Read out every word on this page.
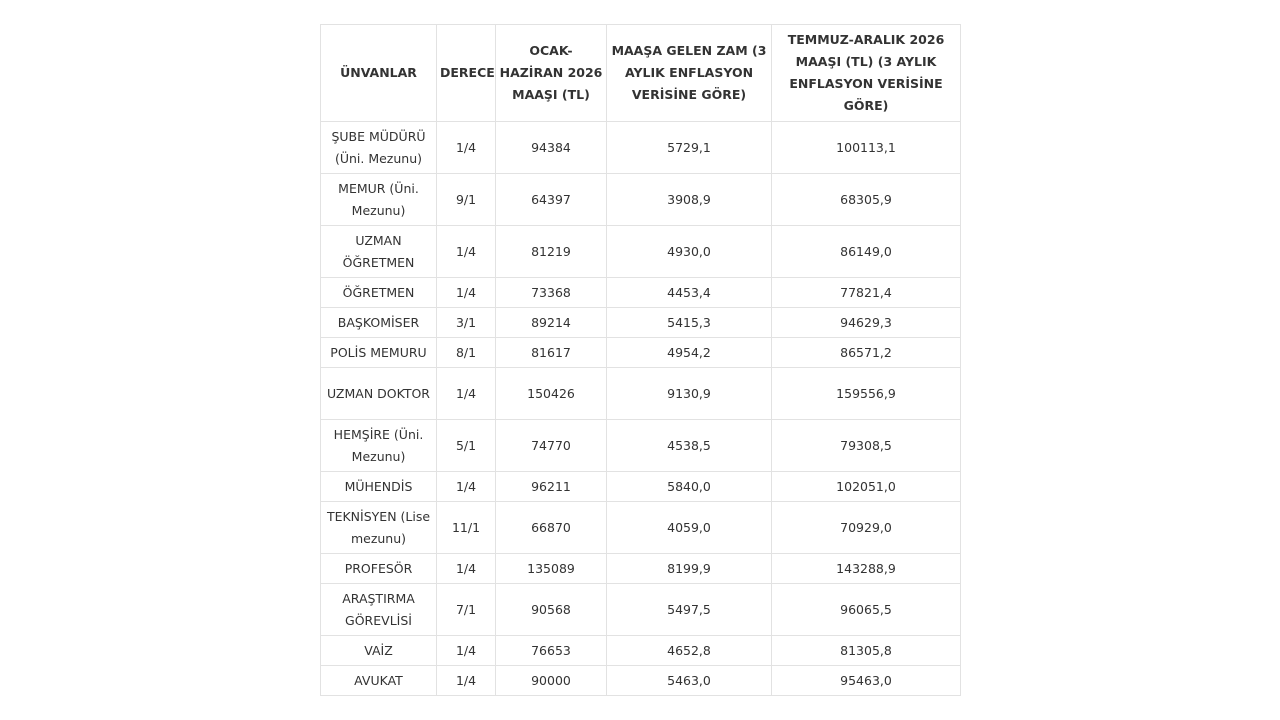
ÜNVANLAR	DERECE	OCAK-HAZİRAN 2026 MAAŞI (TL)	MAAŞA GELEN ZAM (3 AYLIK ENFLASYON VERİSİNE GÖRE)	TEMMUZ-ARALIK 2026 MAAŞI (TL) (3 AYLIK ENFLASYON VERİSİNE GÖRE)
ŞUBE MÜDÜRÜ (Üni. Mezunu)	1/4	94384	5729,1	100113,1
MEMUR (Üni. Mezunu)	9/1	64397	3908,9	68305,9
UZMAN ÖĞRETMEN	1/4	81219	4930,0	86149,0
ÖĞRETMEN	1/4	73368	4453,4	77821,4
BAŞKOMİSER	3/1	89214	5415,3	94629,3
POLİS MEMURU	8/1	81617	4954,2	86571,2
UZMAN DOKTOR	1/4	150426	9130,9	159556,9
HEMŞİRE (Üni. Mezunu)	5/1	74770	4538,5	79308,5
MÜHENDİS	1/4	96211	5840,0	102051,0
TEKNİSYEN (Lise mezunu)	11/1	66870	4059,0	70929,0
PROFESÖR	1/4	135089	8199,9	143288,9
ARAŞTIRMA GÖREVLİSİ	7/1	90568	5497,5	96065,5
VAİZ	1/4	76653	4652,8	81305,8
AVUKAT	1/4	90000	5463,0	95463,0
